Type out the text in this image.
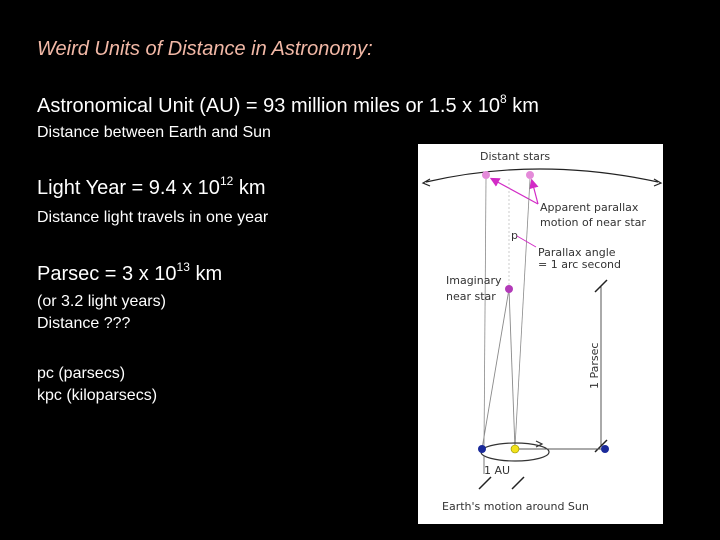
Weird Units of Distance in Astronomy:
Astronomical Unit (AU) = 93 million miles or 1.5 x $10^8$ km
Distance between Earth and Sun
Light Year = 9.4 x $10^{12}$ km
Distance light travels in one year
Parsec = 3 x $10^{13}$ km
(or 3.2 light years)
Distance ???
pc (parsecs)
kpc (kiloparsecs)
Distant stars
Apparent parallax
motion of near star
p
Parallax angle
= 1 arc second
Imaginary
near star
1 Parsec
1 AU
Earth's motion around Sun
